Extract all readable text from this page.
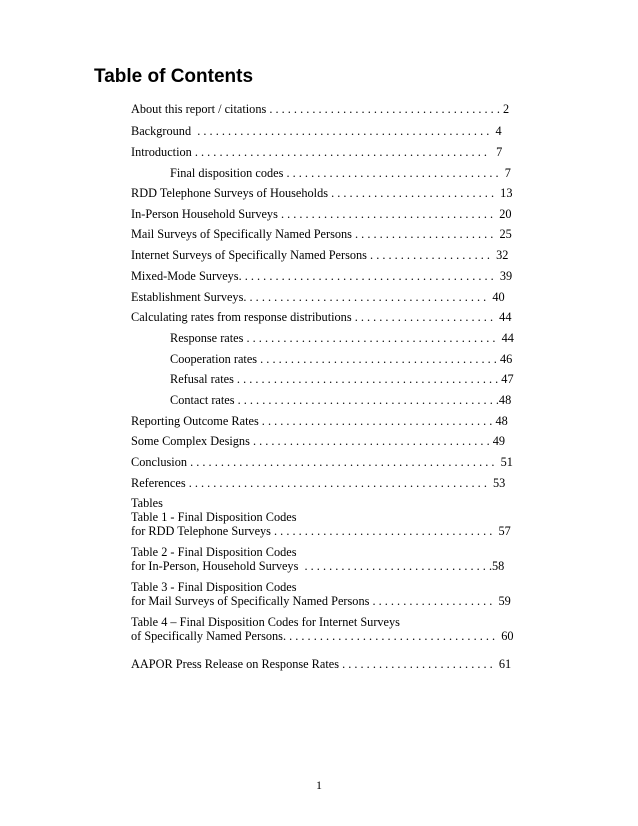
Table of Contents
About this report / citations . . . . . . . . . . . . . . . . . . . . . . . . . . . . . . . . . . . . . . 2
Background  . . . . . . . . . . . . . . . . . . . . . . . . . . . . . . . . . . . . . . . . . . . . . . . .  4
Introduction . . . . . . . . . . . . . . . . . . . . . . . . . . . . . . . . . . . . . . . . . . . . . . . .   7
Final disposition codes . . . . . . . . . . . . . . . . . . . . . . . . . . . . . . . . . . .  7
RDD Telephone Surveys of Households . . . . . . . . . . . . . . . . . . . . . . . . . . .  13
In-Person Household Surveys . . . . . . . . . . . . . . . . . . . . . . . . . . . . . . . . . . .  20
Mail Surveys of Specifically Named Persons . . . . . . . . . . . . . . . . . . . . . . .  25
Internet Surveys of Specifically Named Persons . . . . . . . . . . . . . . . . . . . .  32
Mixed-Mode Surveys. . . . . . . . . . . . . . . . . . . . . . . . . . . . . . . . . . . . . . . . . .  39
Establishment Surveys. . . . . . . . . . . . . . . . . . . . . . . . . . . . . . . . . . . . . . . .  40
Calculating rates from response distributions . . . . . . . . . . . . . . . . . . . . . . .  44
Response rates . . . . . . . . . . . . . . . . . . . . . . . . . . . . . . . . . . . . . . . . .  44
Cooperation rates . . . . . . . . . . . . . . . . . . . . . . . . . . . . . . . . . . . . . . . 46
Refusal rates . . . . . . . . . . . . . . . . . . . . . . . . . . . . . . . . . . . . . . . . . . . 47
Contact rates . . . . . . . . . . . . . . . . . . . . . . . . . . . . . . . . . . . . . . . . . . .48
Reporting Outcome Rates . . . . . . . . . . . . . . . . . . . . . . . . . . . . . . . . . . . . . . 48
Some Complex Designs . . . . . . . . . . . . . . . . . . . . . . . . . . . . . . . . . . . . . . . 49
Conclusion . . . . . . . . . . . . . . . . . . . . . . . . . . . . . . . . . . . . . . . . . . . . . . . . . .  51
References . . . . . . . . . . . . . . . . . . . . . . . . . . . . . . . . . . . . . . . . . . . . . . . . .  53
Tables
Table 1 - Final Disposition Codes
for RDD Telephone Surveys . . . . . . . . . . . . . . . . . . . . . . . . . . . . . . . . . . . .  57
Table 2 - Final Disposition Codes
for In-Person, Household Surveys  . . . . . . . . . . . . . . . . . . . . . . . . . . . . . . .58
Table 3 - Final Disposition Codes
for Mail Surveys of Specifically Named Persons . . . . . . . . . . . . . . . . . . . .  59
Table 4 – Final Disposition Codes for Internet Surveys
of Specifically Named Persons. . . . . . . . . . . . . . . . . . . . . . . . . . . . . . . . . . .  60
AAPOR Press Release on Response Rates . . . . . . . . . . . . . . . . . . . . . . . . .  61
1
